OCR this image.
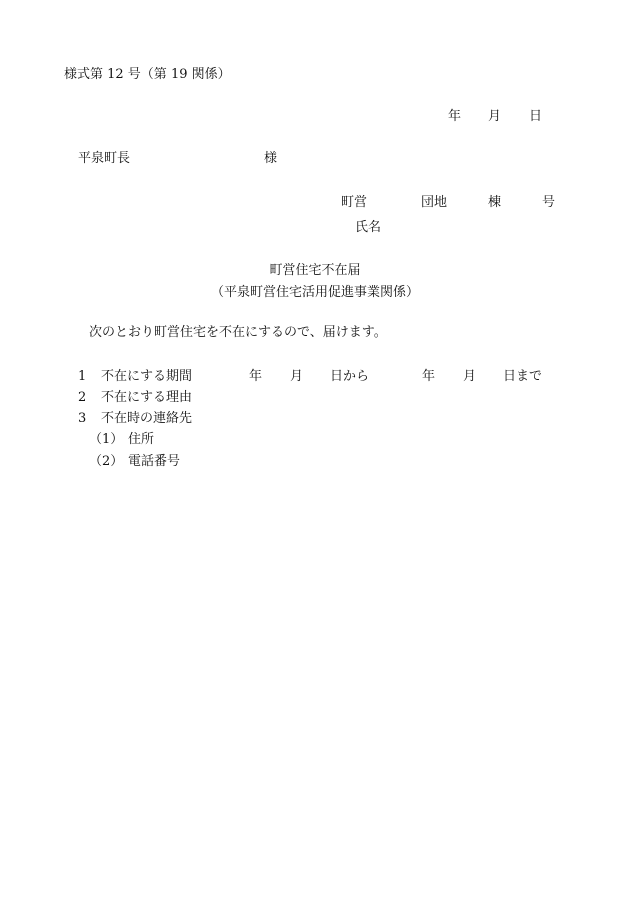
様式第 12 号（第 19 関係）
年 月 日
平泉町長	様
町営	団地	棟	号
氏名
町営住宅不在届
（平泉町営住宅活用促進事業関係）
次のとおり町営住宅を不在にするので、届けます。
1 不在にする期間	年 月 日から	年 月 日まで
2 不在にする理由
3 不在時の連絡先
（1） 住所
（2） 電話番号
